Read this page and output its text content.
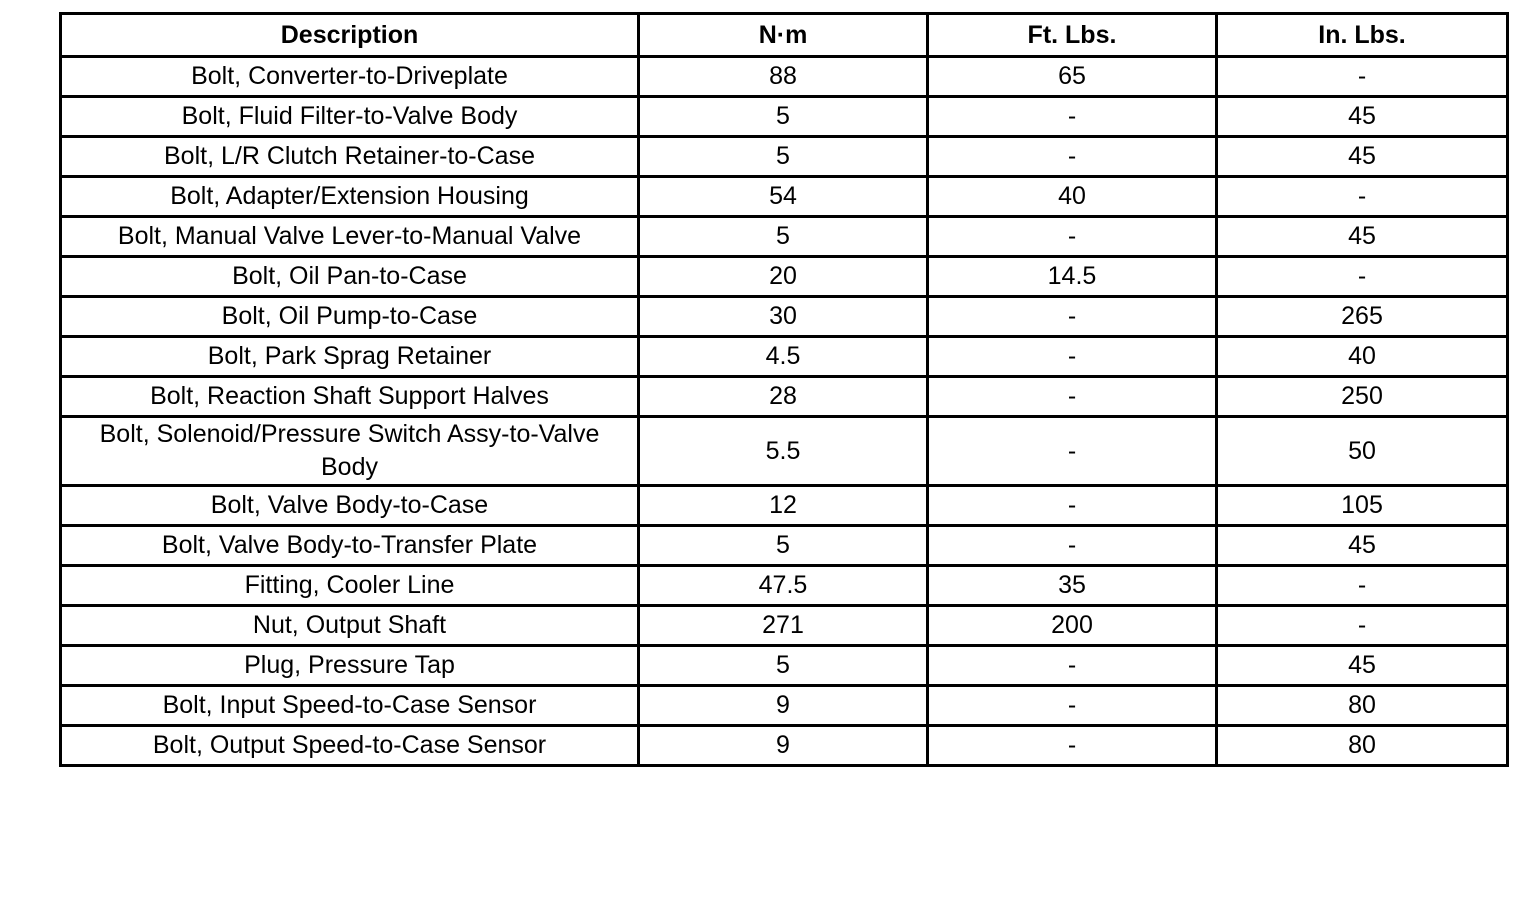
Description	N·m	Ft. Lbs.	In. Lbs.
Bolt, Converter-to-Driveplate	88	65	-
Bolt, Fluid Filter-to-Valve Body	5	-	45
Bolt, L/R Clutch Retainer-to-Case	5	-	45
Bolt, Adapter/Extension Housing	54	40	-
Bolt, Manual Valve Lever-to-Manual Valve	5	-	45
Bolt, Oil Pan-to-Case	20	14.5	-
Bolt, Oil Pump-to-Case	30	-	265
Bolt, Park Sprag Retainer	4.5	-	40
Bolt, Reaction Shaft Support Halves	28	-	250
Bolt, Solenoid/Pressure Switch Assy-to-Valve Body	5.5	-	50
Bolt, Valve Body-to-Case	12	-	105
Bolt, Valve Body-to-Transfer Plate	5	-	45
Fitting, Cooler Line	47.5	35	-
Nut, Output Shaft	271	200	-
Plug, Pressure Tap	5	-	45
Bolt, Input Speed-to-Case Sensor	9	-	80
Bolt, Output Speed-to-Case Sensor	9	-	80
